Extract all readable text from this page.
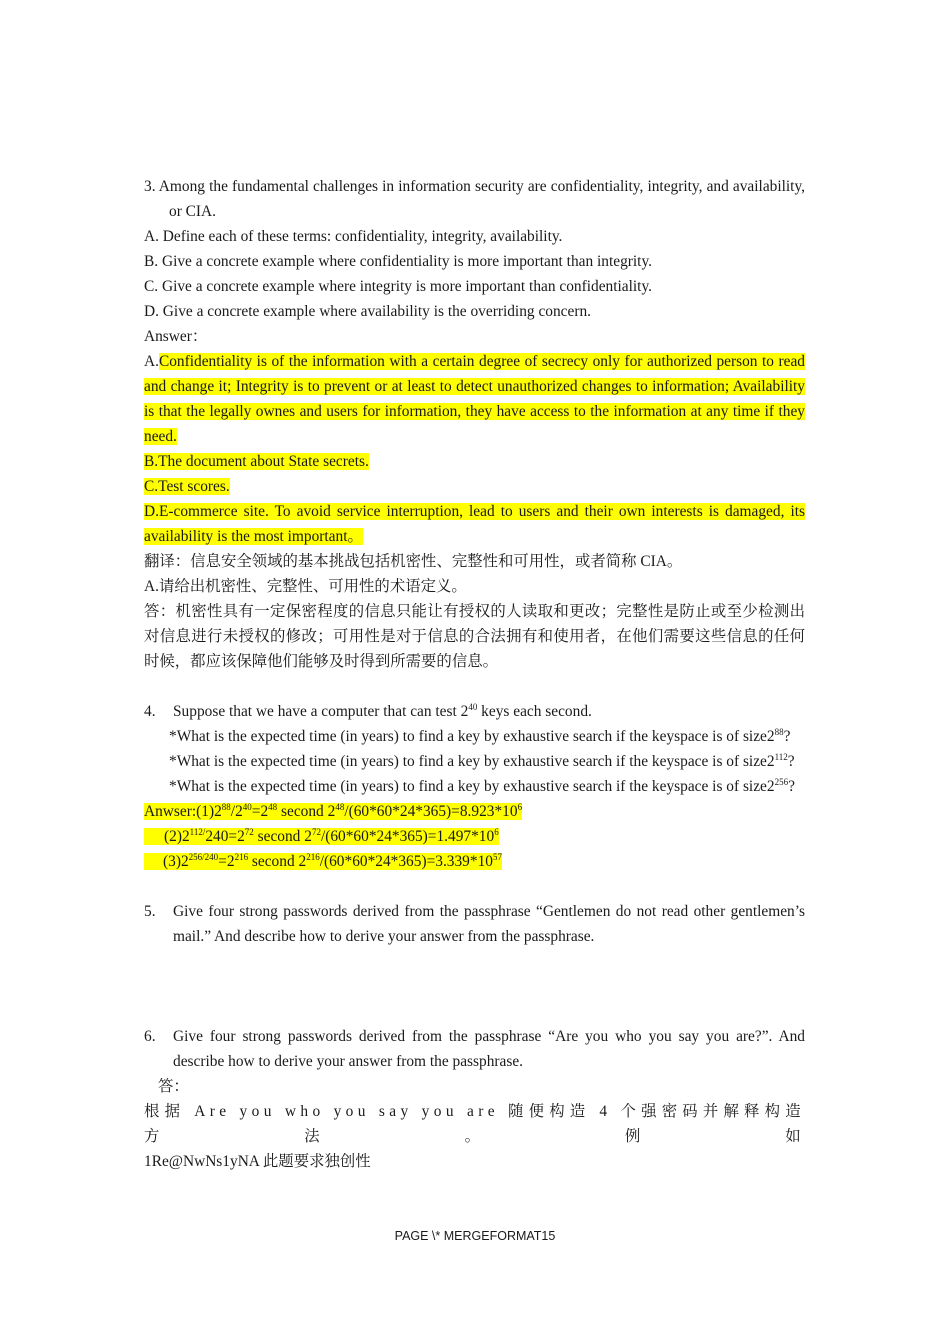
3. Among the fundamental challenges in information security are confidentiality, integrity, and availability, or CIA.

A. Define each of these terms: confidentiality, integrity, availability.

B. Give a concrete example where confidentiality is more important than integrity.

C. Give a concrete example where integrity is more important than confidentiality.

D. Give a concrete example where availability is the overriding concern.

Answer：

A.Confidentiality is of the information with a certain degree of secrecy only for authorized person to read and change it; Integrity is to prevent or at least to detect unauthorized changes to information; Availability is that the legally ownes and users for information, they have access to the information at any time if they need.

B.The document about State secrets.

C.Test scores.

D.E-commerce site. To avoid service interruption, lead to users and their own interests is damaged, its availability is the most important。

翻译：信息安全领域的基本挑战包括机密性、完整性和可用性，或者简称 CIA。

A.请给出机密性、完整性、可用性的术语定义。

答：机密性具有一定保密程度的信息只能让有授权的人读取和更改；完整性是防止或至少检测出对信息进行未授权的修改；可用性是对于信息的合法拥有和使用者，在他们需要这些信息的任何时候，都应该保障他们能够及时得到所需要的信息。

4. Suppose that we have a computer that can test $2^{40}$ keys each second.

*What is the expected time (in years) to find a key by exhaustive search if the keyspace is of $size2^{88}$?

*What is the expected time (in years) to find a key by exhaustive search if the keyspace is of $size2^{112}$?

*What is the expected time (in years) to find a key by exhaustive search if the keyspace is of $size2^{256}$?

$Anwser:(1)2^{88}/2^{40}=2^{48}$ second $2^{48}/(60*60*24*365)=8.923*10^6$

$(2)2^{112/}240=2^{72}$ second $2^{72}/(60*60*24*365)=1.497*10^6$

$(3)2^{256/240}=2^{216}$ second $2^{216}/(60*60*24*365)=3.339*10^{57}$

5. Give four strong passwords derived from the passphrase “Gentlemen do not read other gentlemen’s mail.” And describe how to derive your answer from the passphrase.

6. Give four strong passwords derived from the passphrase “Are you who you say you are?”. And describe how to derive your answer from the passphrase.

答：

根据 Are you who you say you are 随便构造 4 个强密码并解释构造方法。例如

1Re@NwNs1yNA 此题要求独创性

PAGE \* MERGEFORMAT15
